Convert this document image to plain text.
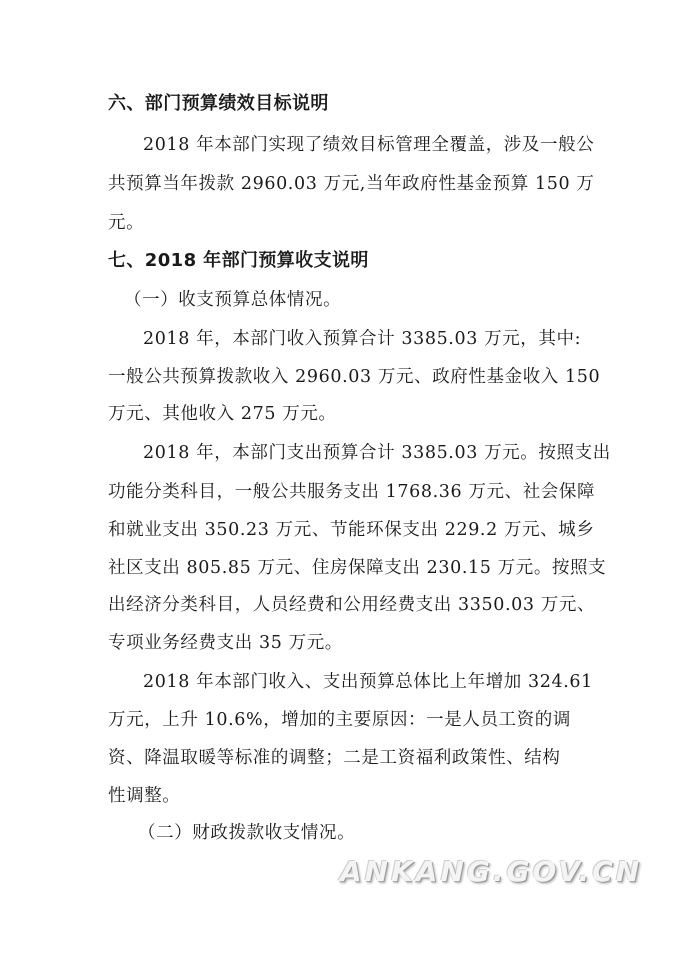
六、部门预算绩效目标说明
2018 年本部门实现了绩效目标管理全覆盖，涉及一般公
共预算当年拨款 2960.03 万元,当年政府性基金预算 150 万
元。
七、2018 年部门预算收支说明
（一）收支预算总体情况。
2018 年，本部门收入预算合计 3385.03 万元，其中:
一般公共预算拨款收入 2960.03 万元、政府性基金收入 150
万元、其他收入 275 万元。
2018 年，本部门支出预算合计 3385.03 万元。按照支出
功能分类科目，一般公共服务支出 1768.36 万元、社会保障
和就业支出 350.23 万元、节能环保支出 229.2 万元、城乡
社区支出 805.85 万元、住房保障支出 230.15 万元。按照支
出经济分类科目，人员经费和公用经费支出 3350.03 万元、
专项业务经费支出 35 万元。
2018 年本部门收入、支出预算总体比上年增加 324.61
万元，上升 10.6%，增加的主要原因：一是人员工资的调
资、降温取暖等标准的调整；二是工资福利政策性、结构
性调整。
（二）财政拨款收支情况。
ANKANG.GOV.CN
